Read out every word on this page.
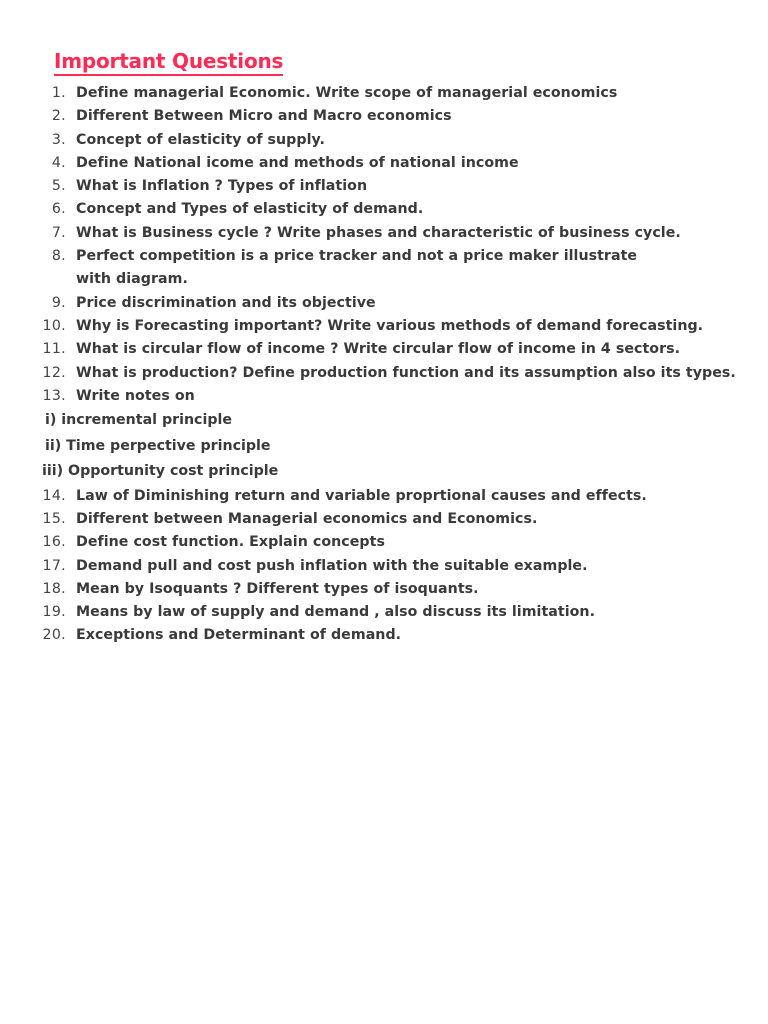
Important Questions
1. Define managerial Economic. Write scope of managerial economics
2. Different Between Micro and Macro economics
3. Concept of elasticity of supply.
4. Define National icome and methods of national income
5. What is Inflation ? Types of inflation
6. Concept and Types of elasticity of demand.
7. What is Business cycle ? Write phases and characteristic of business cycle.
8. Perfect competition is a price tracker and not a price maker illustrate with diagram.
9. Price discrimination and its objective
10. Why is Forecasting important? Write various methods of demand forecasting.
11. What is circular flow of income ? Write circular flow of income in 4 sectors.
12. What is production? Define production function and its assumption also its types.
13. Write notes on
i) incremental principle
ii) Time perpective principle
iii) Opportunity cost principle
14. Law of Diminishing return and variable proprtional causes and effects.
15. Different between Managerial economics and Economics.
16. Define cost function. Explain concepts
17. Demand pull and cost push inflation with the suitable example.
18. Mean by Isoquants ? Different types of isoquants.
19. Means by law of supply and demand , also discuss its limitation.
20. Exceptions and Determinant of demand.
